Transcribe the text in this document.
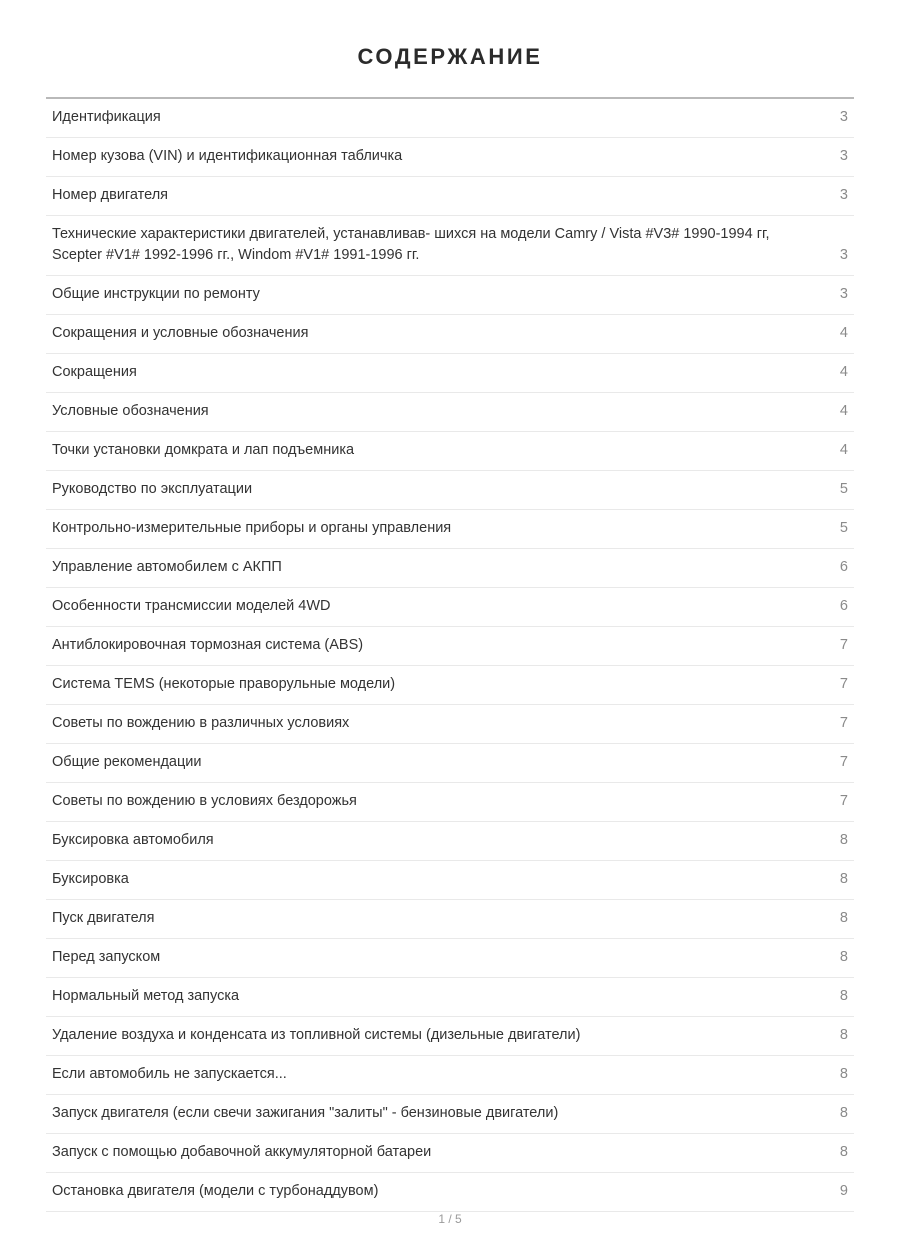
СОДЕРЖАНИЕ
Идентификация	3
Номер кузова (VIN) и идентификационная табличка	3
Номер двигателя	3
Технические характеристики двигателей, устанавливав- шихся на модели Camry / Vista #V3# 1990-1994 гг, Scepter #V1# 1992-1996 гг., Windom #V1# 1991-1996 гг.	3
Общие инструкции по ремонту	3
Сокращения и условные обозначения	4
Сокращения	4
Условные обозначения	4
Точки установки домкрата и лап подъемника	4
Руководство по эксплуатации	5
Контрольно-измерительные приборы и органы управления	5
Управление автомобилем с АКПП	6
Особенности трансмиссии моделей 4WD	6
Антиблокировочная тормозная система (ABS)	7
Система TEMS (некоторые праворульные модели)	7
Советы по вождению в различных условиях	7
Общие рекомендации	7
Советы по вождению в условиях бездорожья	7
Буксировка автомобиля	8
Буксировка	8
Пуск двигателя	8
Перед запуском	8
Нормальный метод запуска	8
Удаление воздуха и конденсата из топливной системы (дизельные двигатели)	8
Если автомобиль не запускается...	8
Запуск двигателя (если свечи зажигания "залиты" - бензиновые двигатели)	8
Запуск с помощью добавочной аккумуляторной батареи	8
Остановка двигателя (модели с турбонаддувом)	9
1 / 5
